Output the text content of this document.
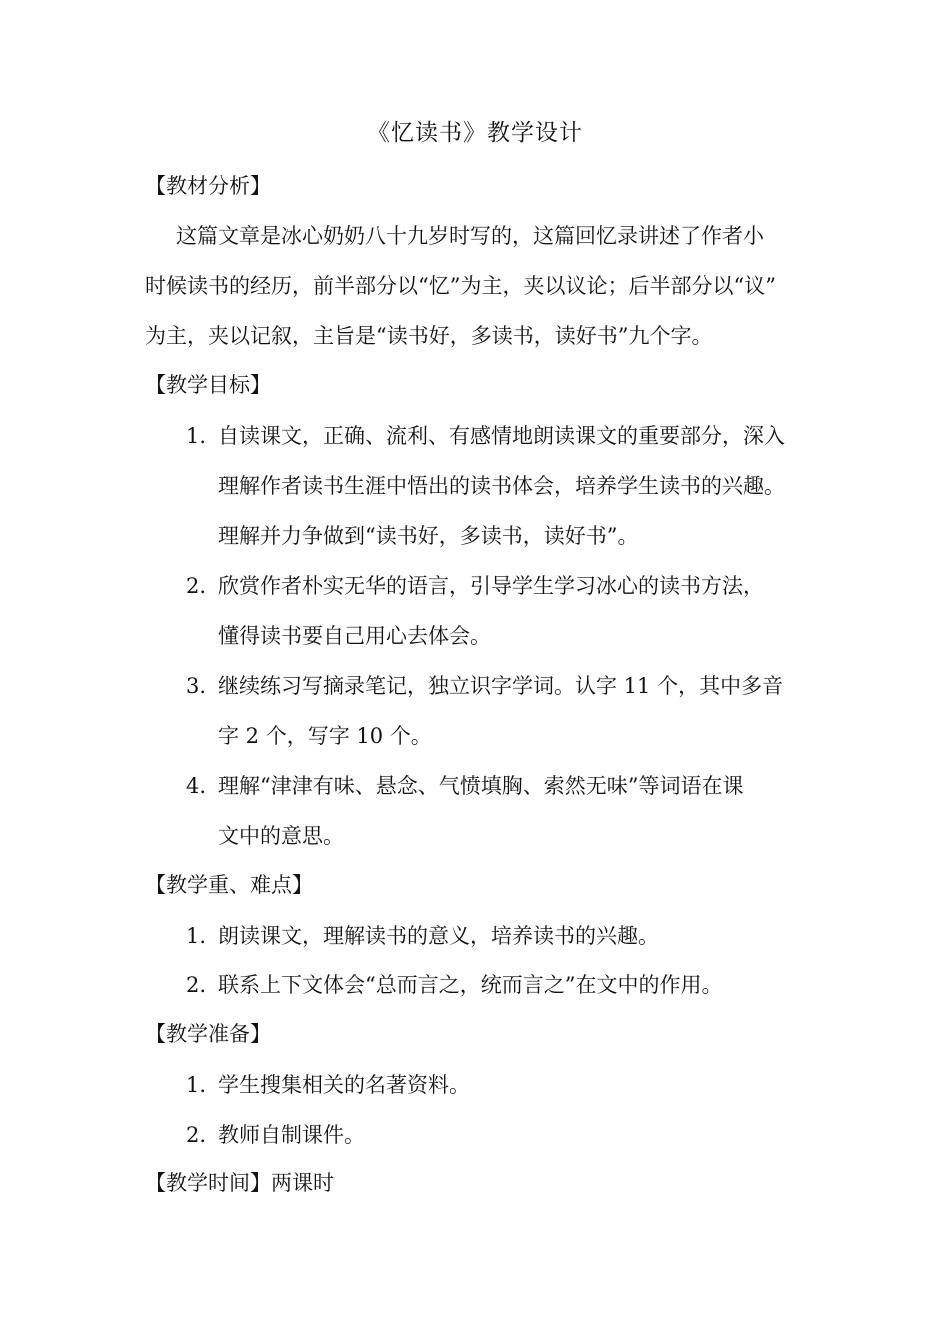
《忆读书》教学设计
【教材分析】
这篇文章是冰心奶奶八十九岁时写的，这篇回忆录讲述了作者小
时候读书的经历，前半部分以“忆”为主，夹以议论；后半部分以“议”
为主，夹以记叙，主旨是“读书好，多读书，读好书”九个字。
【教学目标】
1. 自读课文，正确、流利、有感情地朗读课文的重要部分，深入
理解作者读书生涯中悟出的读书体会，培养学生读书的兴趣。
理解并力争做到“读书好，多读书，读好书”。
2. 欣赏作者朴实无华的语言，引导学生学习冰心的读书方法，
懂得读书要自己用心去体会。
3. 继续练习写摘录笔记，独立识字学词。认字 11 个，其中多音
字 2 个，写字 10 个。
4. 理解“津津有味、悬念、气愤填胸、索然无味”等词语在课
文中的意思。
【教学重、难点】
1. 朗读课文，理解读书的意义，培养读书的兴趣。
2. 联系上下文体会“总而言之，统而言之”在文中的作用。
【教学准备】
1. 学生搜集相关的名著资料。
2. 教师自制课件。
【教学时间】两课时
